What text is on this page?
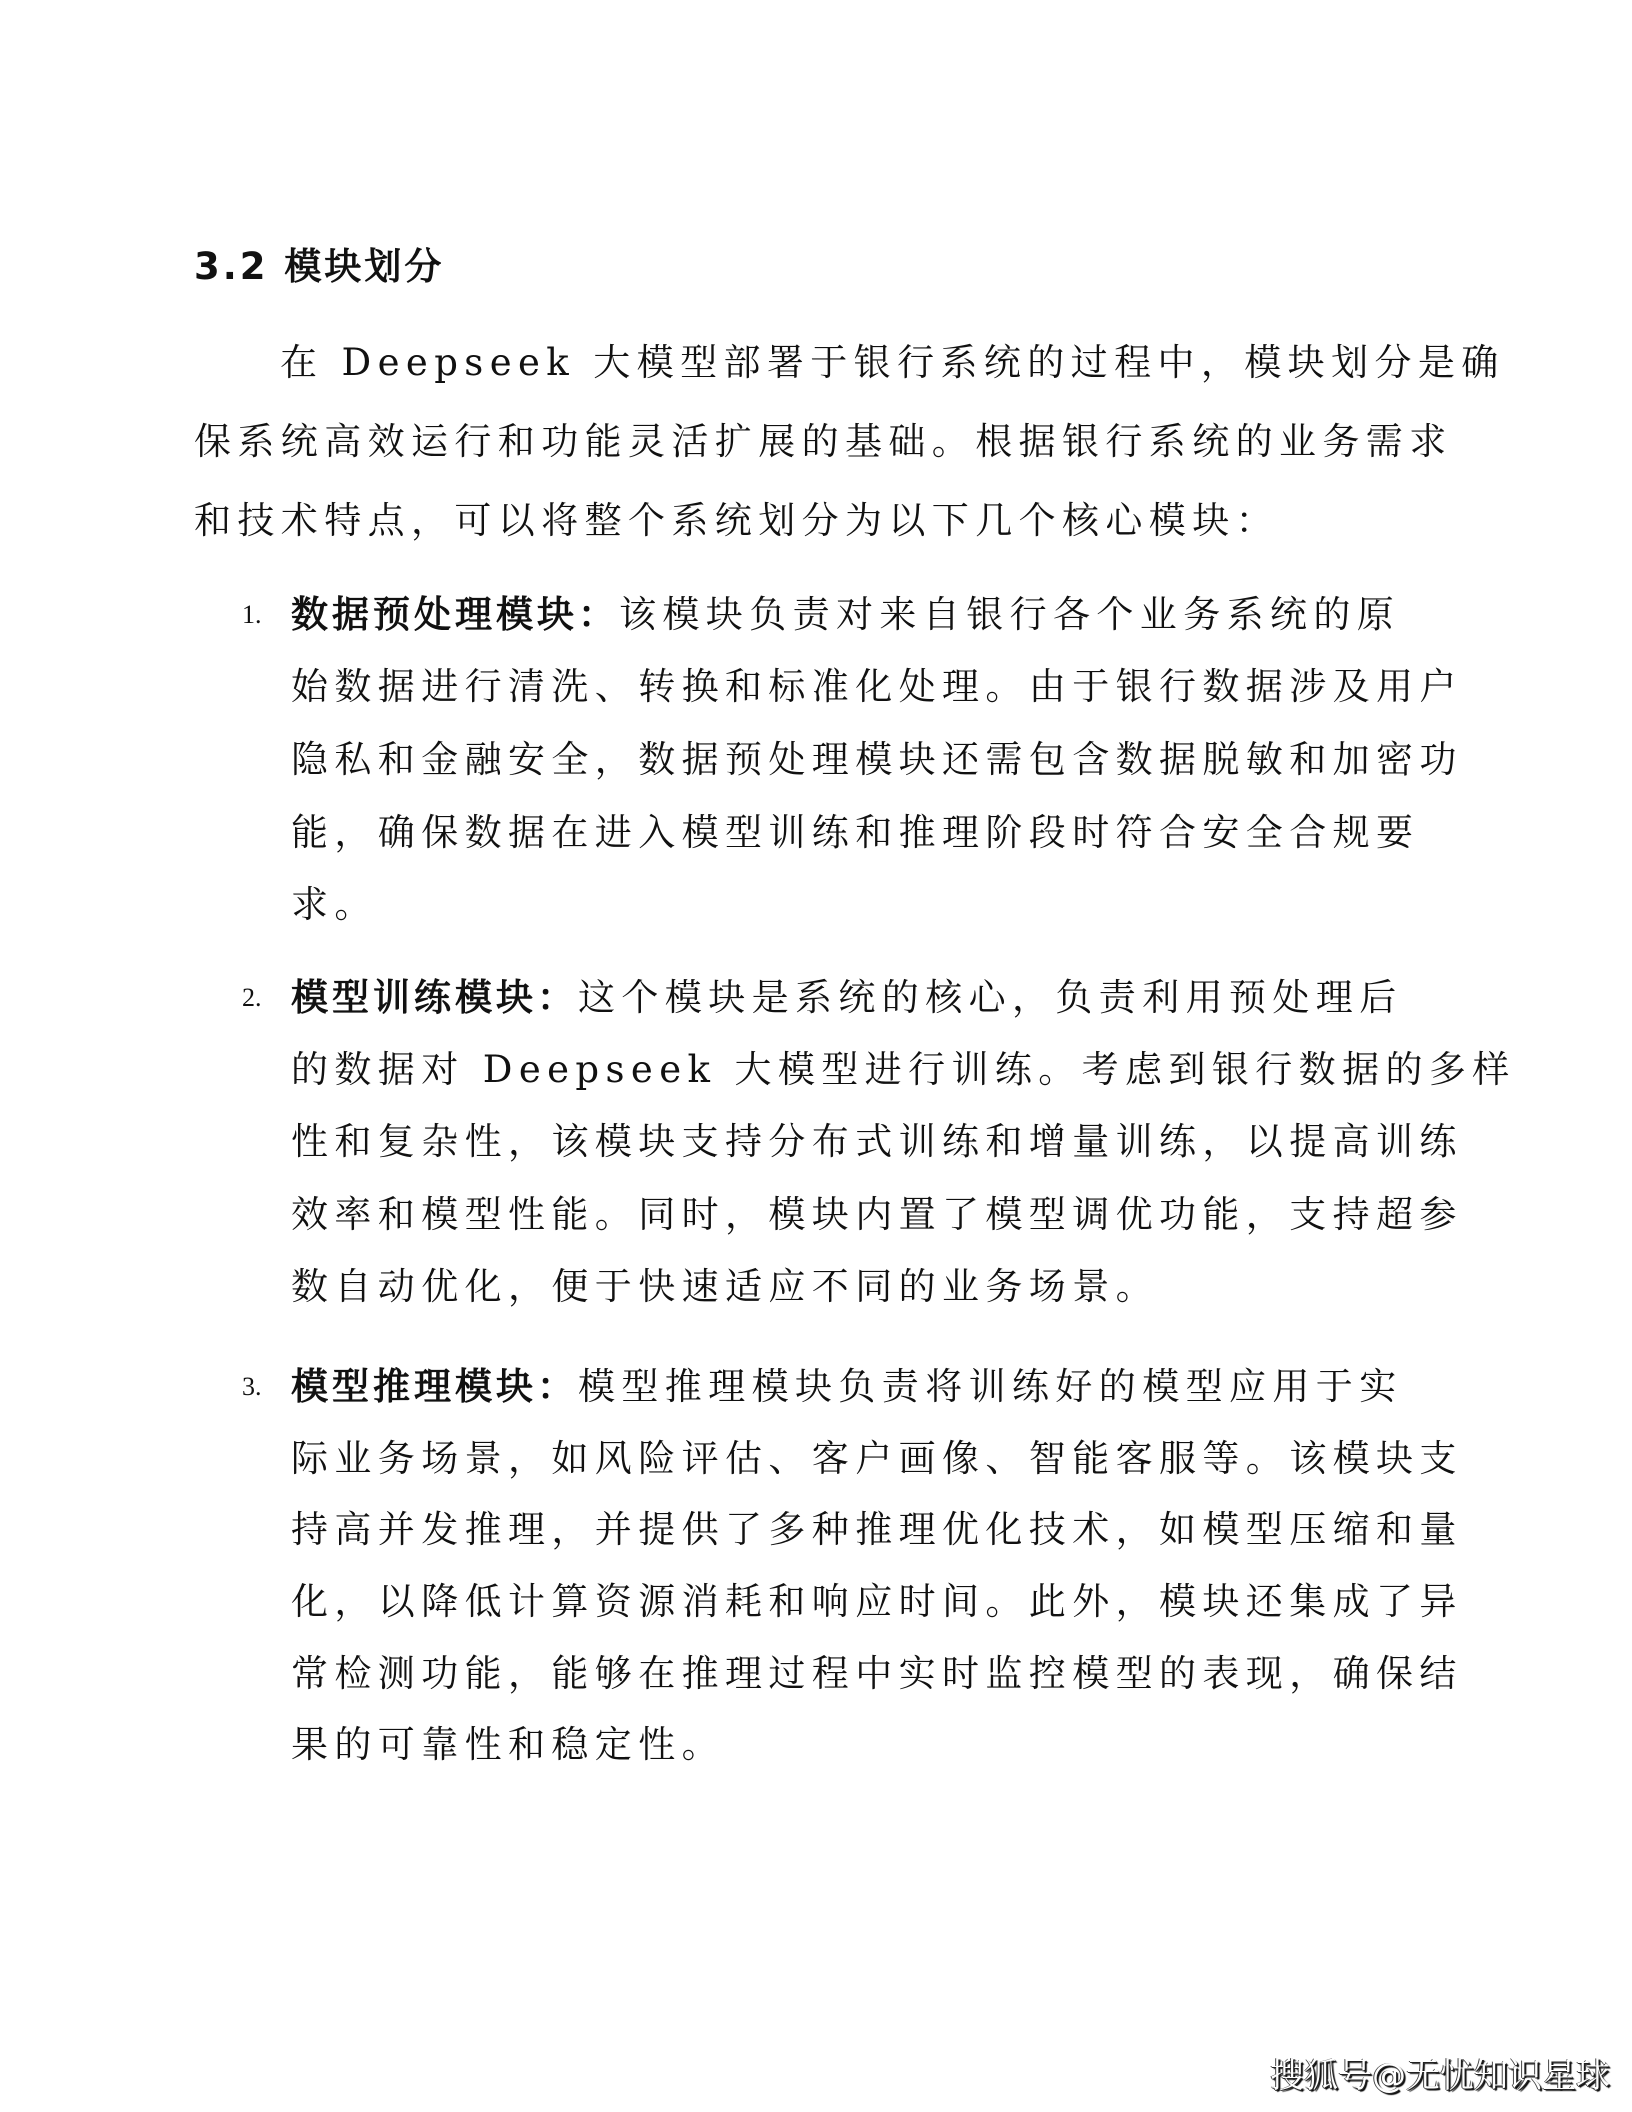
3.2 模块划分
在 Deepseek 大模型部署于银行系统的过程中，模块划分是确
保系统高效运行和功能灵活扩展的基础。根据银行系统的业务需求
和技术特点，可以将整个系统划分为以下几个核心模块：
1. 数据预处理模块：该模块负责对来自银行各个业务系统的原
始数据进行清洗、转换和标准化处理。由于银行数据涉及用户
隐私和金融安全，数据预处理模块还需包含数据脱敏和加密功
能，确保数据在进入模型训练和推理阶段时符合安全合规要
求。
2. 模型训练模块：这个模块是系统的核心，负责利用预处理后
的数据对 Deepseek 大模型进行训练。考虑到银行数据的多样
性和复杂性，该模块支持分布式训练和增量训练，以提高训练
效率和模型性能。同时，模块内置了模型调优功能，支持超参
数自动优化，便于快速适应不同的业务场景。
3. 模型推理模块：模型推理模块负责将训练好的模型应用于实
际业务场景，如风险评估、客户画像、智能客服等。该模块支
持高并发推理，并提供了多种推理优化技术，如模型压缩和量
化，以降低计算资源消耗和响应时间。此外，模块还集成了异
常检测功能，能够在推理过程中实时监控模型的表现，确保结
果的可靠性和稳定性。
搜狐号@无忧知识星球
